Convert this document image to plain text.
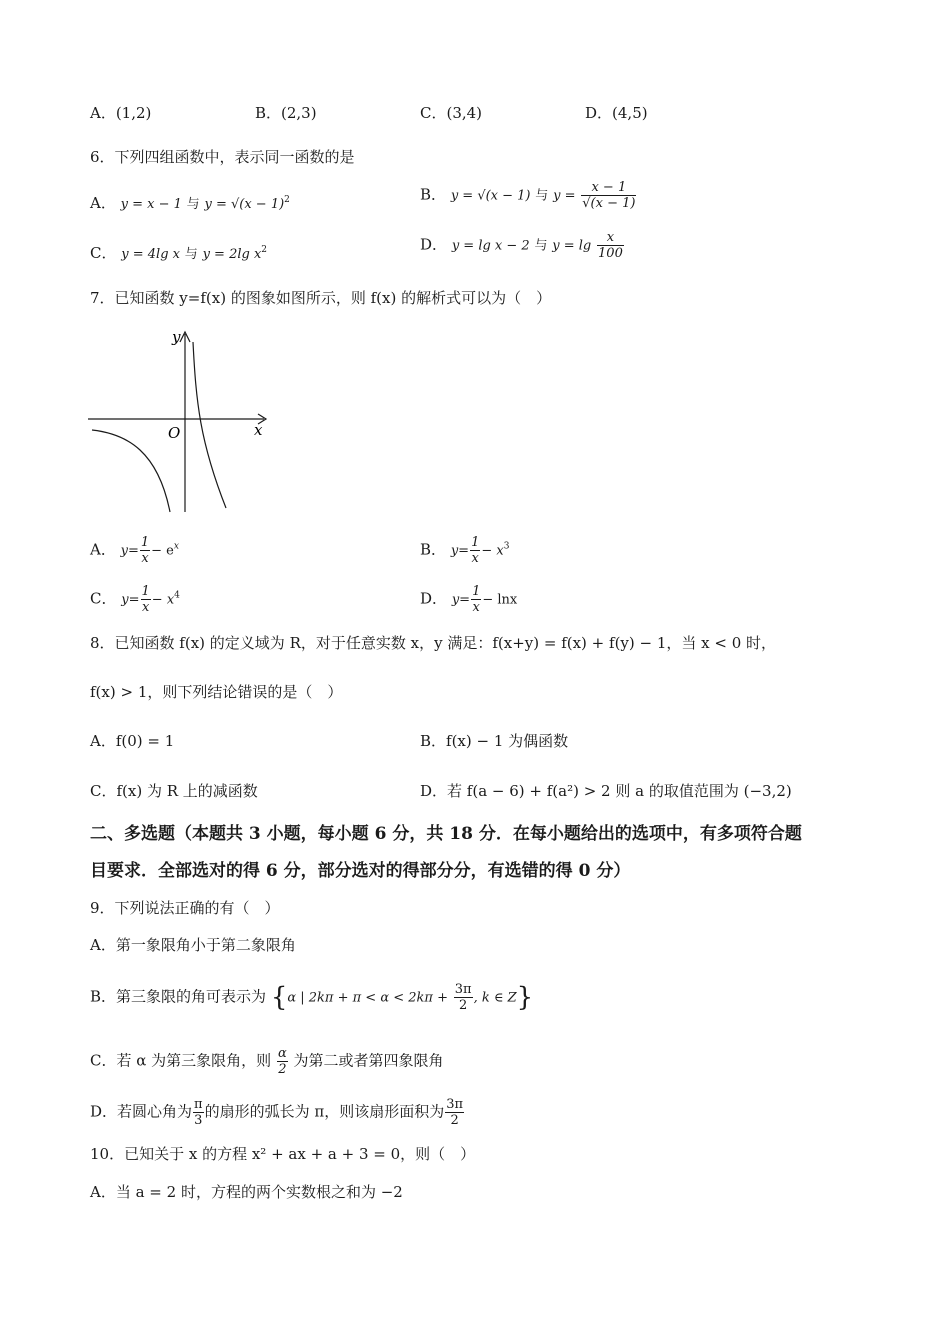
A．(1,2)	B．(2,3)	C．(3,4)	D．(4,5)
6．下列四组函数中，表示同一函数的是
A． y = x − 1 与 $y = √(x - 1)^2$	B． y = √(x − 1) 与 $y = \frac{x - 1}{√(x - 1)}$
C． y = 4lg x 与 y = 2lg $x^2$	D． y = lg x − 2 与 $y = \lg \frac{x}{100}$
7．已知函数 y=f(x) 的图象如图所示，则 f(x) 的解析式可以为（　）
y
x
O
A． $y= \frac{1}{x} - e^x$	B． $y= \frac{1}{x} - x^3$
C． $y= \frac{1}{x} - x^4$	D． $y= \frac{1}{x} - \ln x$
8．已知函数 f(x) 的定义域为 R，对于任意实数 x，y 满足：f(x+y) = f(x) + f(y) − 1，当 x < 0 时，
f(x) > 1，则下列结论错误的是（　）
A．f(0) = 1	B．f(x) − 1 为偶函数
C．f(x) 为 R 上的减函数	D．若 f(a − 6) + f(a²) > 2 则 a 的取值范围为 (−3,2)
二、多选题（本题共 3 小题，每小题 6 分，共 18 分．在每小题给出的选项中，有多项符合题
目要求．全部选对的得 6 分，部分选对的得部分分，有选错的得 0 分）
9．下列说法正确的有（　）
A．第一象限角小于第二象限角
B．第三象限的角可表示为 {α | $2k\pi + \pi < \alpha < 2k\pi + \frac{3\pi}{2}$ , k ∈ Z}
C．若 α 为第三象限角，则 $\frac{\alpha}{2}$ 为第二或者第四象限角
D．若圆心角为 $\frac{\pi}{3}$ 的扇形的弧长为 π，则该扇形面积为 $\frac{3\pi}{2}$
10．已知关于 x 的方程 x² + ax + a + 3 = 0，则（　）
A．当 a = 2 时，方程的两个实数根之和为 −2
